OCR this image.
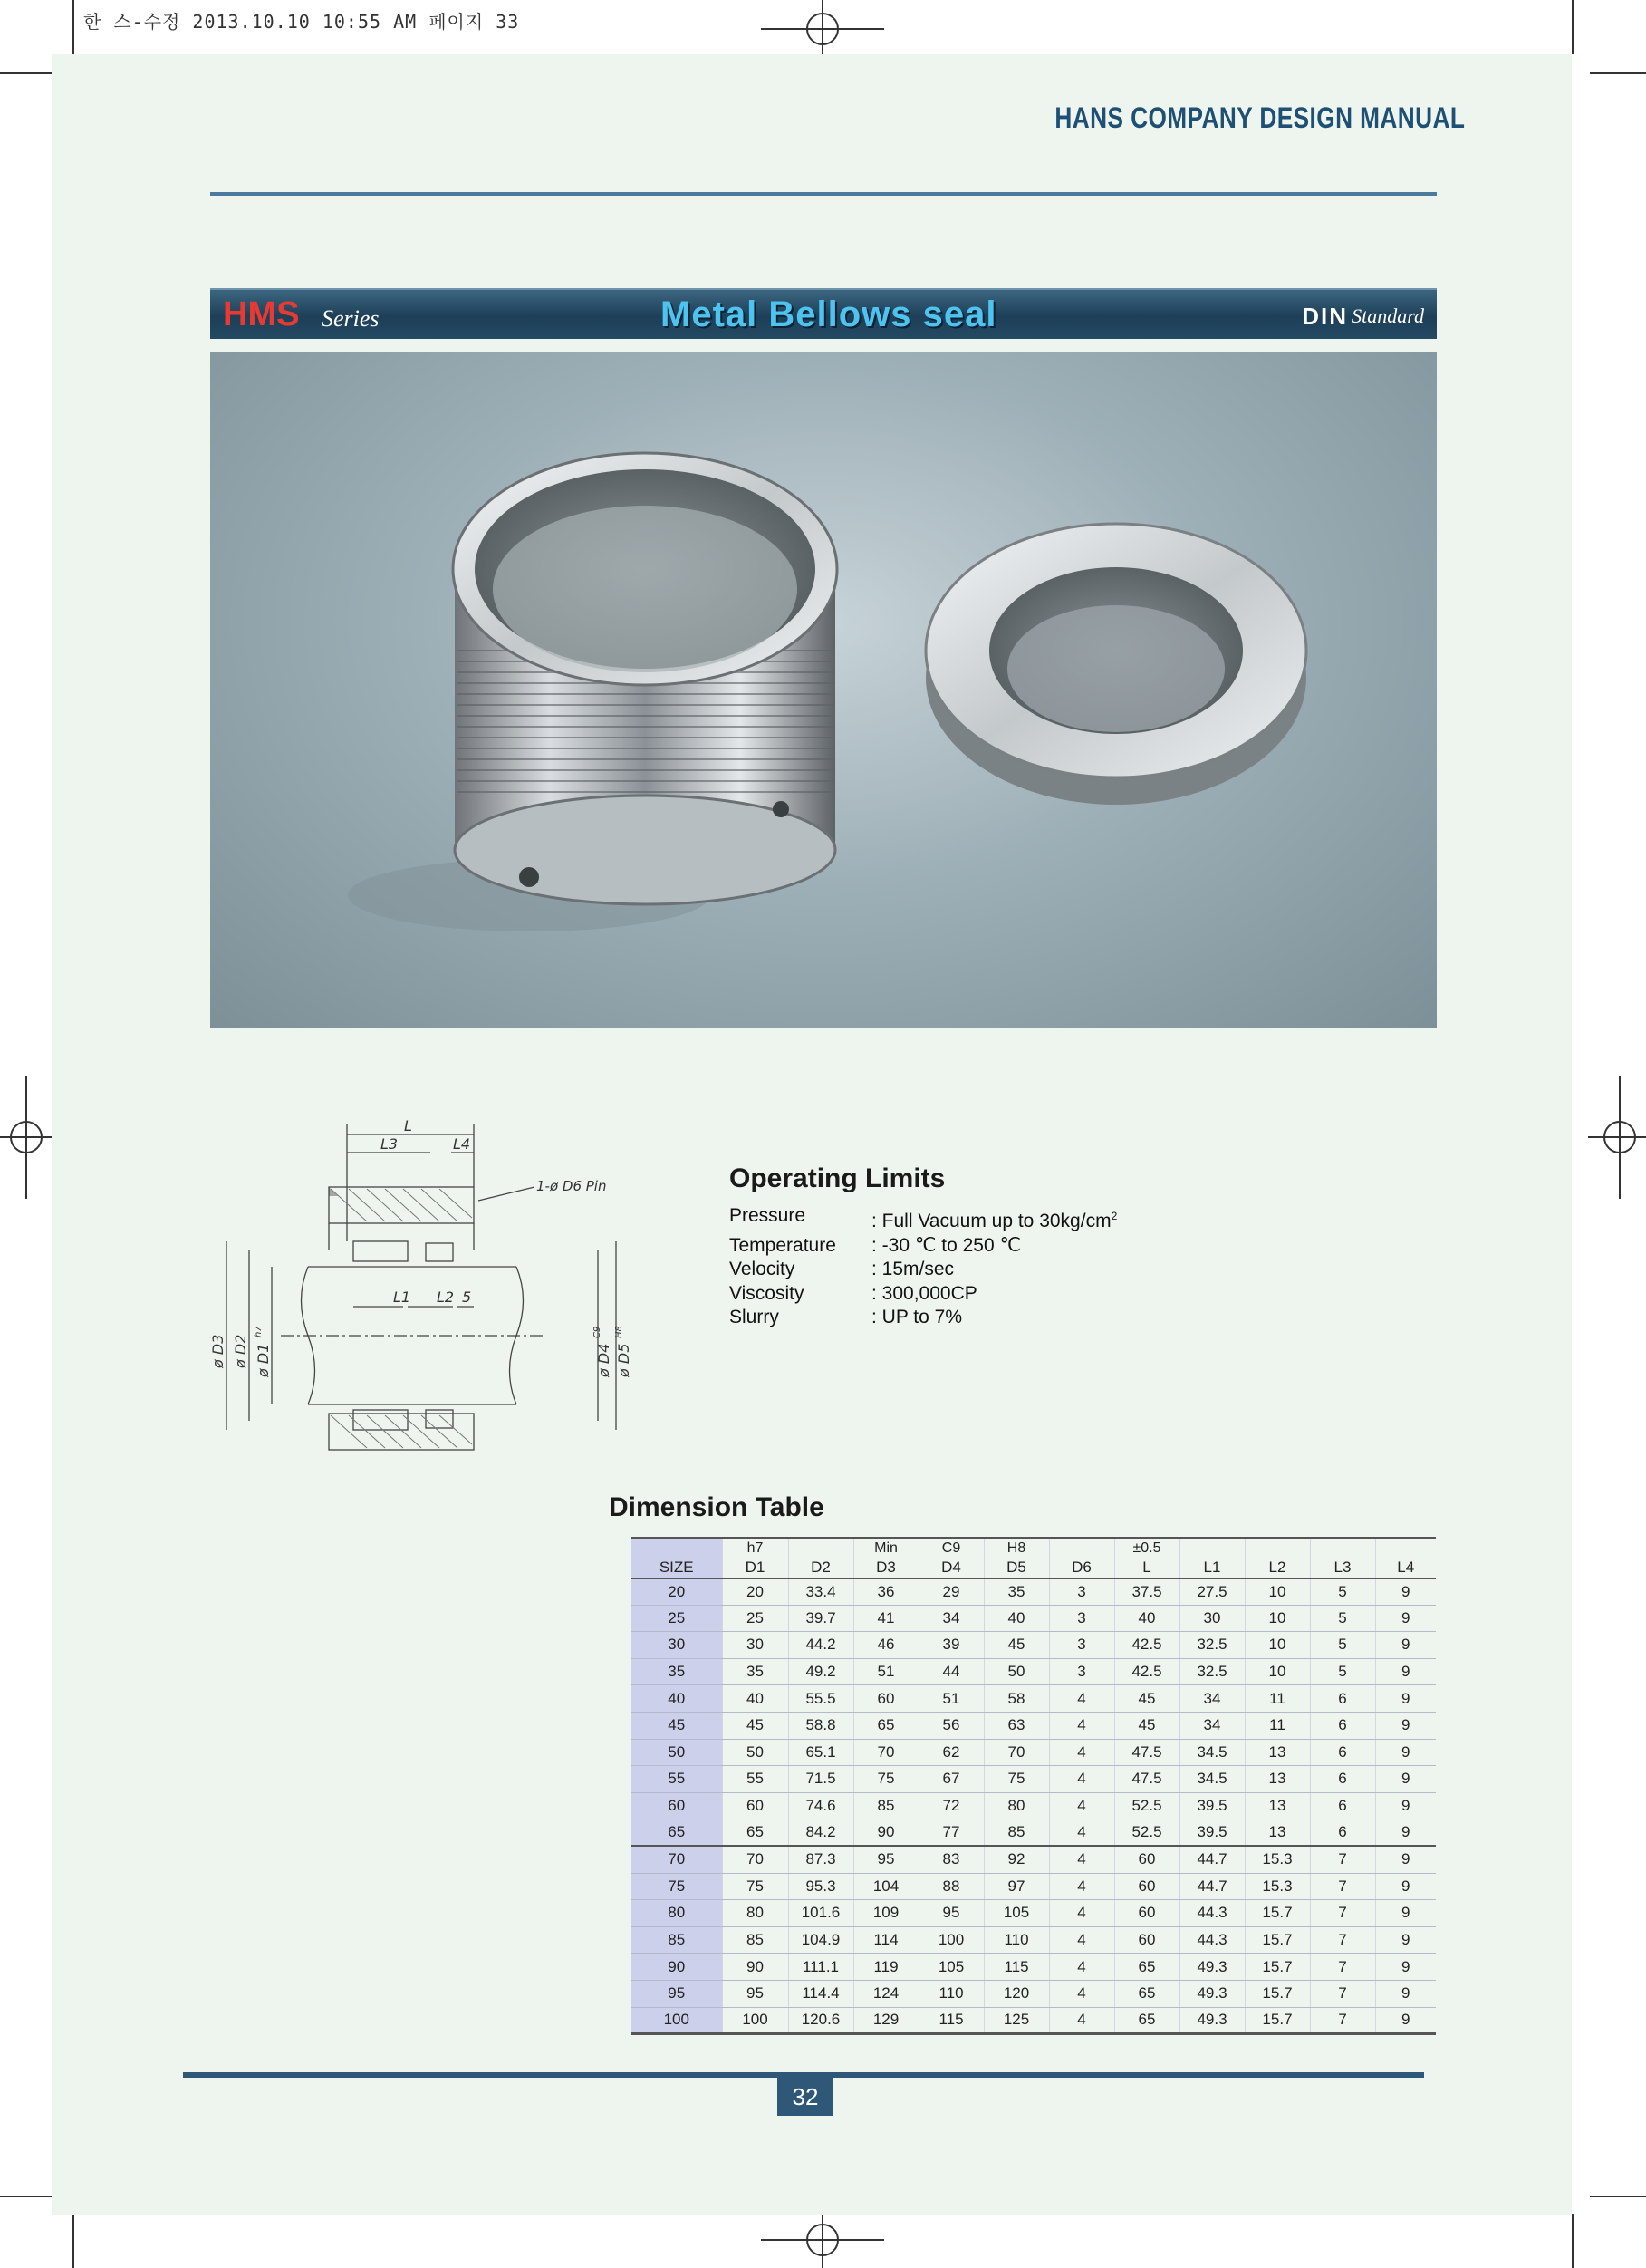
한 스-수정 2013.10.10 10:55 AM 페이지 33
HANS COMPANY DESIGN MANUAL
HMS Series	Metal Bellows seal	DIN Standard
L
L3	L4
1-ø D6 Pin
L1 L2 5
ø D3 ø D2 ø D1
h7
ø D4
C9
ø D5
H8
Operating Limits
Pressure	: Full Vacuum up to $30kg/cm^2$
Temperature	: -30 ℃ to 250 ℃
Velocity	: 15m/sec
Viscosity	: 300,000CP
Slurry	: UP to 7%
Dimension Table
	h7		Min	C9	H8		±0.5				
SIZE	D1	D2	D3	D4	D5	D6	L	L1	L2	L3	L4
20	20	33.4	36	29	35	3	37.5	27.5	10	5	9
25	25	39.7	41	34	40	3	40	30	10	5	9
30	30	44.2	46	39	45	3	42.5	32.5	10	5	9
35	35	49.2	51	44	50	3	42.5	32.5	10	5	9
40	40	55.5	60	51	58	4	45	34	11	6	9
45	45	58.8	65	56	63	4	45	34	11	6	9
50	50	65.1	70	62	70	4	47.5	34.5	13	6	9
55	55	71.5	75	67	75	4	47.5	34.5	13	6	9
60	60	74.6	85	72	80	4	52.5	39.5	13	6	9
65	65	84.2	90	77	85	4	52.5	39.5	13	6	9
70	70	87.3	95	83	92	4	60	44.7	15.3	7	9
75	75	95.3	104	88	97	4	60	44.7	15.3	7	9
80	80	101.6	109	95	105	4	60	44.3	15.7	7	9
85	85	104.9	114	100	110	4	60	44.3	15.7	7	9
90	90	111.1	119	105	115	4	65	49.3	15.7	7	9
95	95	114.4	124	110	120	4	65	49.3	15.7	7	9
100	100	120.6	129	115	125	4	65	49.3	15.7	7	9
32
